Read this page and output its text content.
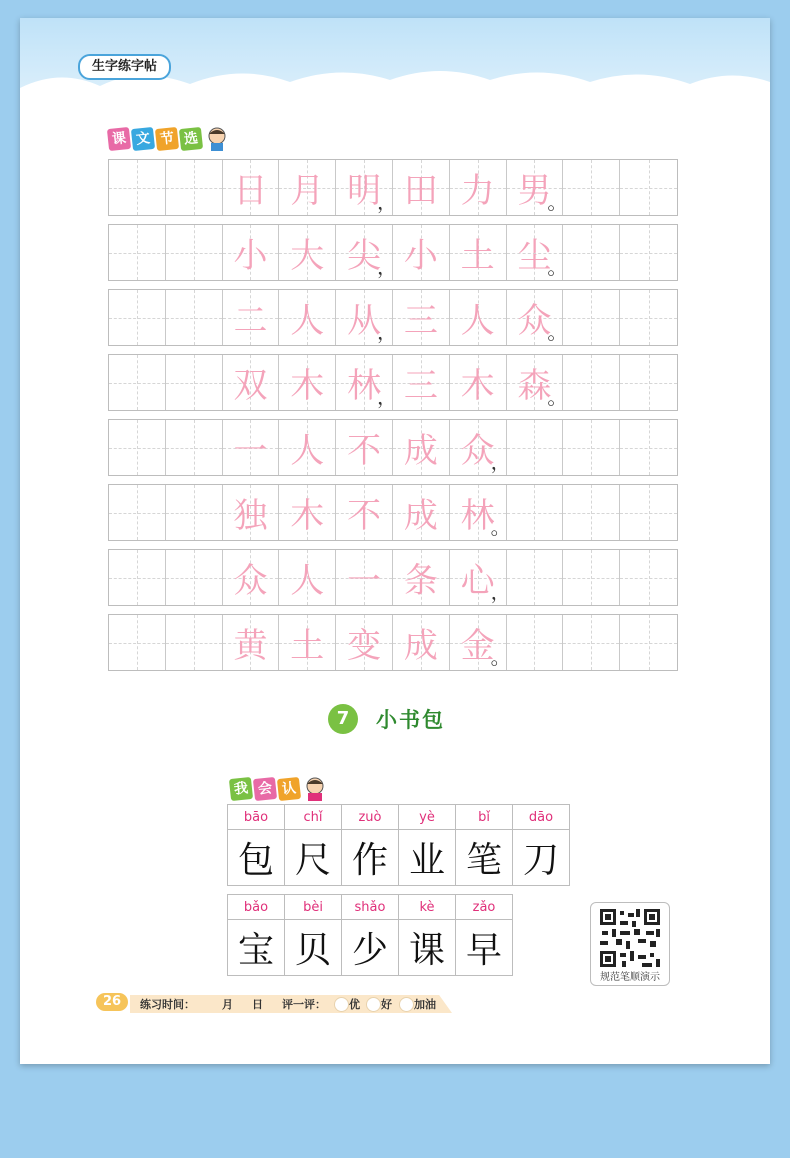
生字练字帖
课 文 节 选
日 月 明
， 田 力 男
。
小 大 尖
， 小 土 尘
。
二 人 从
， 三 人 众
。
双 木 林
， 三 木 森
。
一 人 不 成 众
，
独 木 不 成 林
。
众 人 一 条 心
，
黄 土 变 成 金
。
7	小书包
我 会 认
bāo	chǐ	zuò	yè	bǐ	dāo
包	尺	作	业	笔	刀
bǎo	bèi	shǎo	kè	zǎo
宝	贝	少	课	早
规范笔顺演示
26	练习时间： 月 日 评一评： 优 好 加油
